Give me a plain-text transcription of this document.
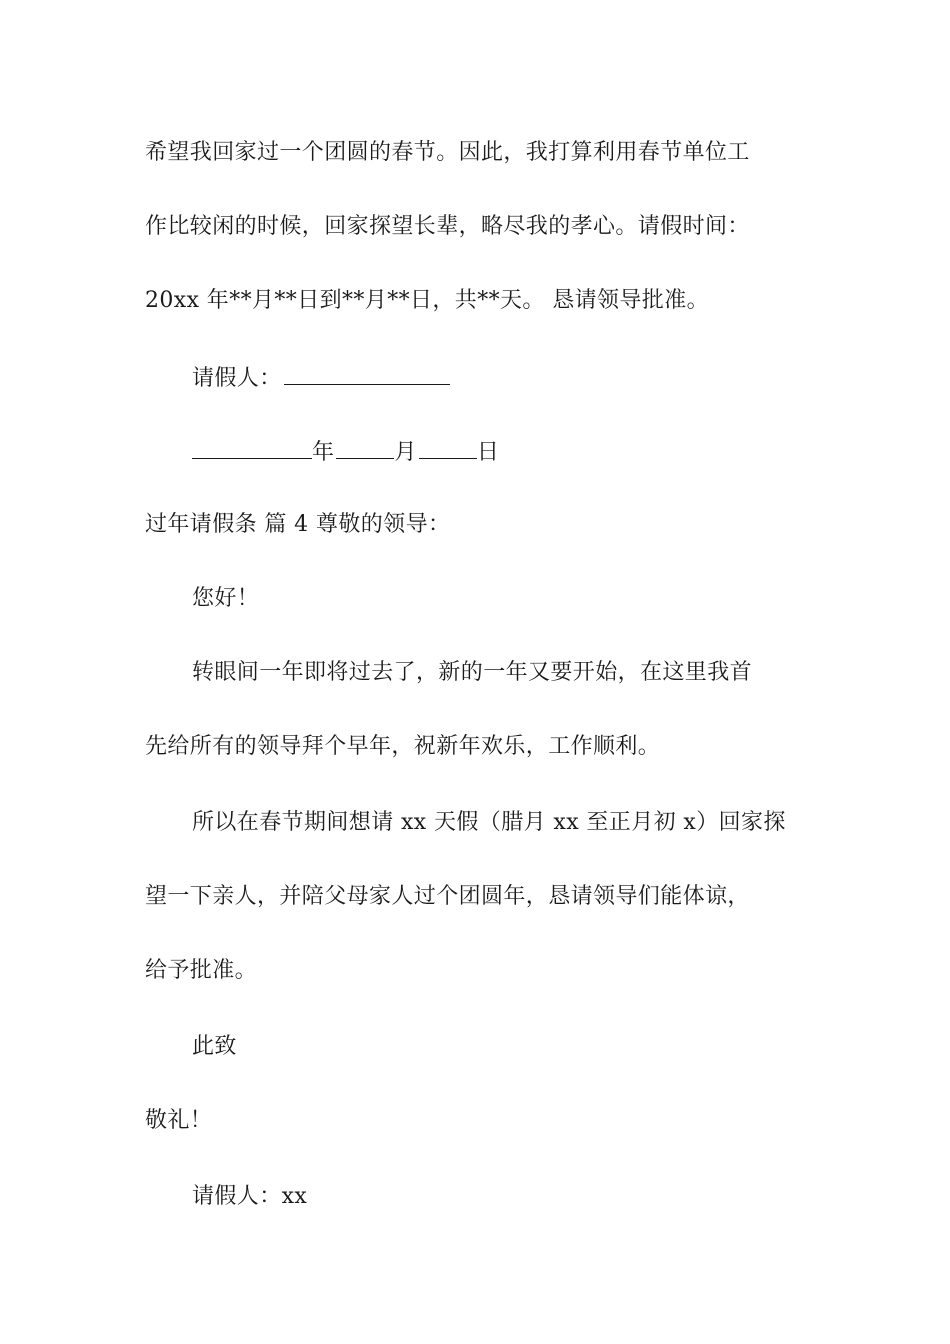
希望我回家过一个团圆的春节。因此，我打算利用春节单位工
作比较闲的时候，回家探望长辈，略尽我的孝心。请假时间：
20xx 年**月**日到**月**日，共**天。 恳请领导批准。
请假人：
年	月	日
过年请假条 篇 4 尊敬的领导：
您好！
转眼间一年即将过去了，新的一年又要开始，在这里我首
先给所有的领导拜个早年，祝新年欢乐，工作顺利。
所以在春节期间想请 xx 天假（腊月 xx 至正月初 x）回家探
望一下亲人，并陪父母家人过个团圆年，恳请领导们能体谅，
给予批准。
此致
敬礼！
请假人：xx
